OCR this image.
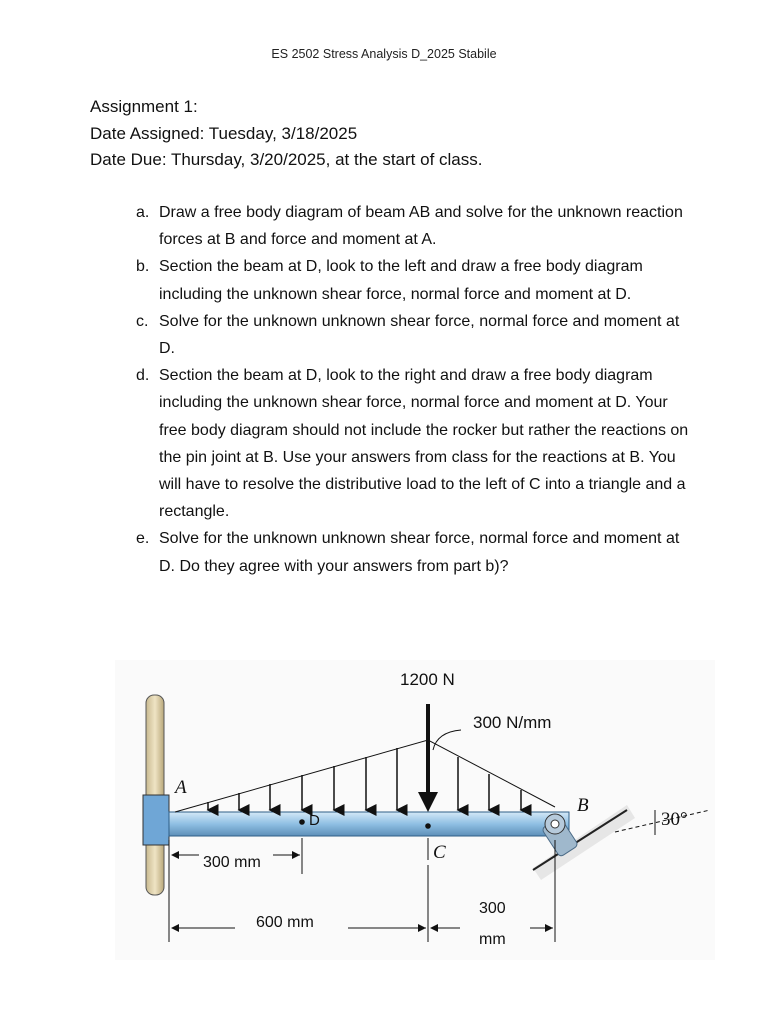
ES 2502 Stress Analysis D_2025 Stabile
Assignment 1:
Date Assigned: Tuesday, 3/18/2025
Date Due: Thursday, 3/20/2025, at the start of class.
a. Draw a free body diagram of beam AB and solve for the unknown reaction forces at B and force and moment at A.
b. Section the beam at D, look to the left and draw a free body diagram including the unknown shear force, normal force and moment at D.
c. Solve for the unknown unknown shear force, normal force and moment at D.
d. Section the beam at D, look to the right and draw a free body diagram including the unknown shear force, normal force and moment at D. Your free body diagram should not include the rocker but rather the reactions on the pin joint at B. Use your answers from class for the reactions at B. You will have to resolve the distributive load to the left of C into a triangle and a rectangle.
e. Solve for the unknown unknown shear force, normal force and moment at D. Do they agree with your answers from part b)?
1200 N
300 N/mm
A
B
C
D	30°
300 mm
600 mm
300
mm
